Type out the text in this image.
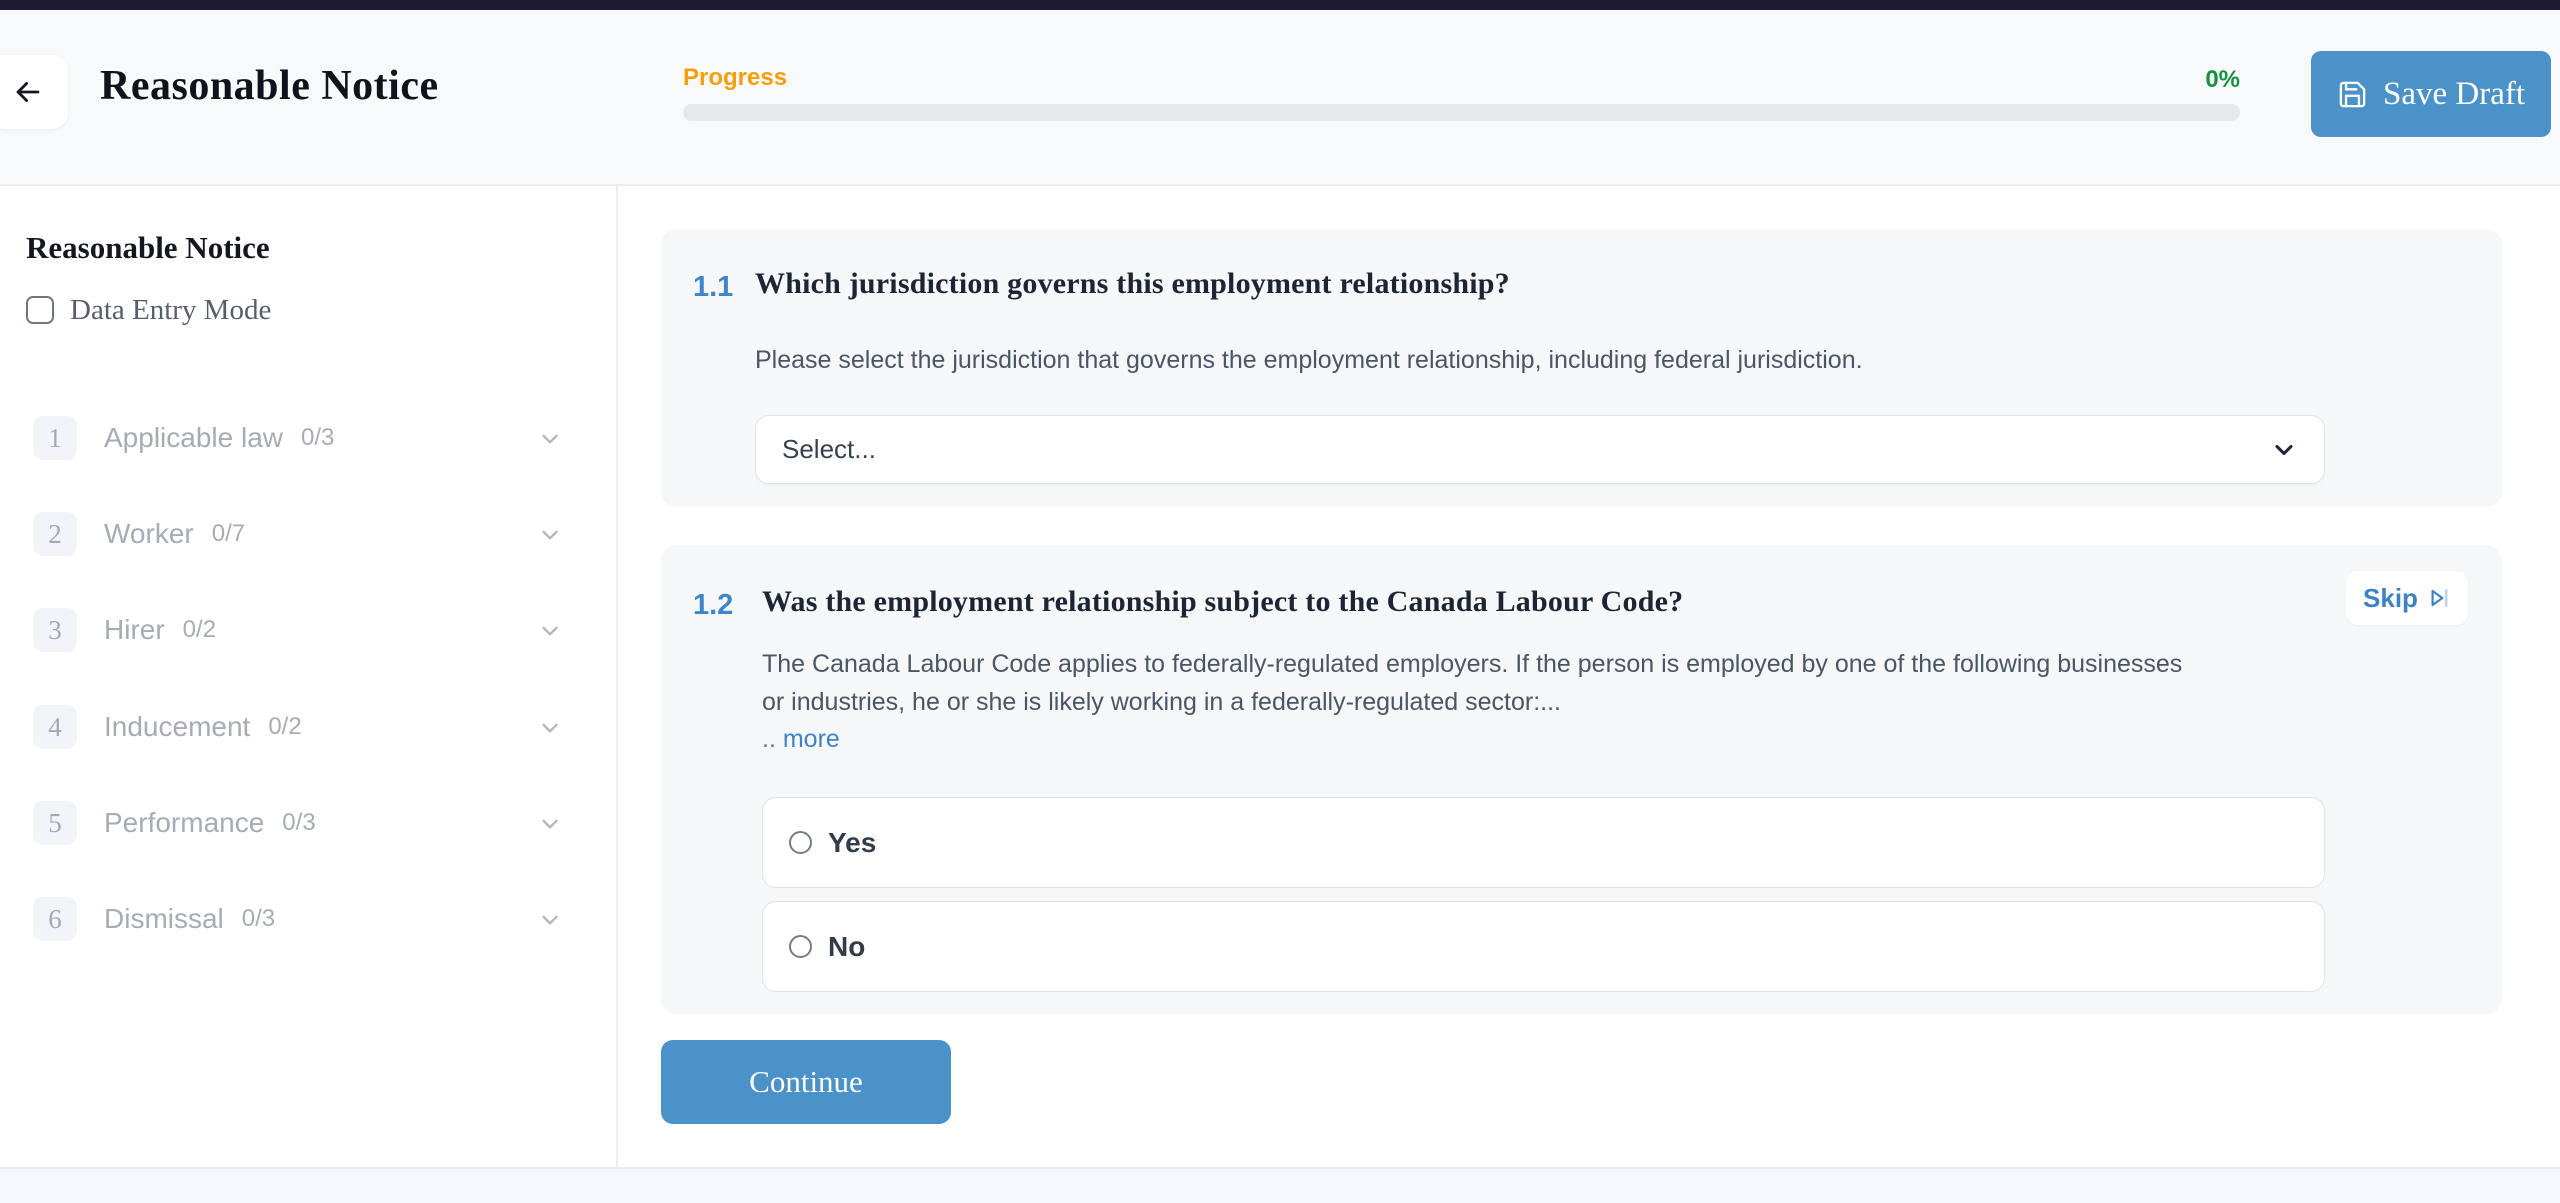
Reasonable Notice	Progress	0%	Save Draft
Reasonable Notice
Data Entry Mode
1	Applicable law 0/3
2	Worker 0/7
3	Hirer 0/2
4	Inducement 0/2
5	Performance 0/3
6	Dismissal 0/3
1.1 Which jurisdiction governs this employment relationship?

Please select the jurisdiction that governs the employment relationship, including federal jurisdiction.

Select...
1.2 Was the employment relationship subject to the Canada Labour Code?	Skip

The Canada Labour Code applies to federally-regulated employers. If the person is employed by one of the following businesses
or industries, he or she is likely working in a federally-regulated sector:...

.. more
Yes
No
Continue
